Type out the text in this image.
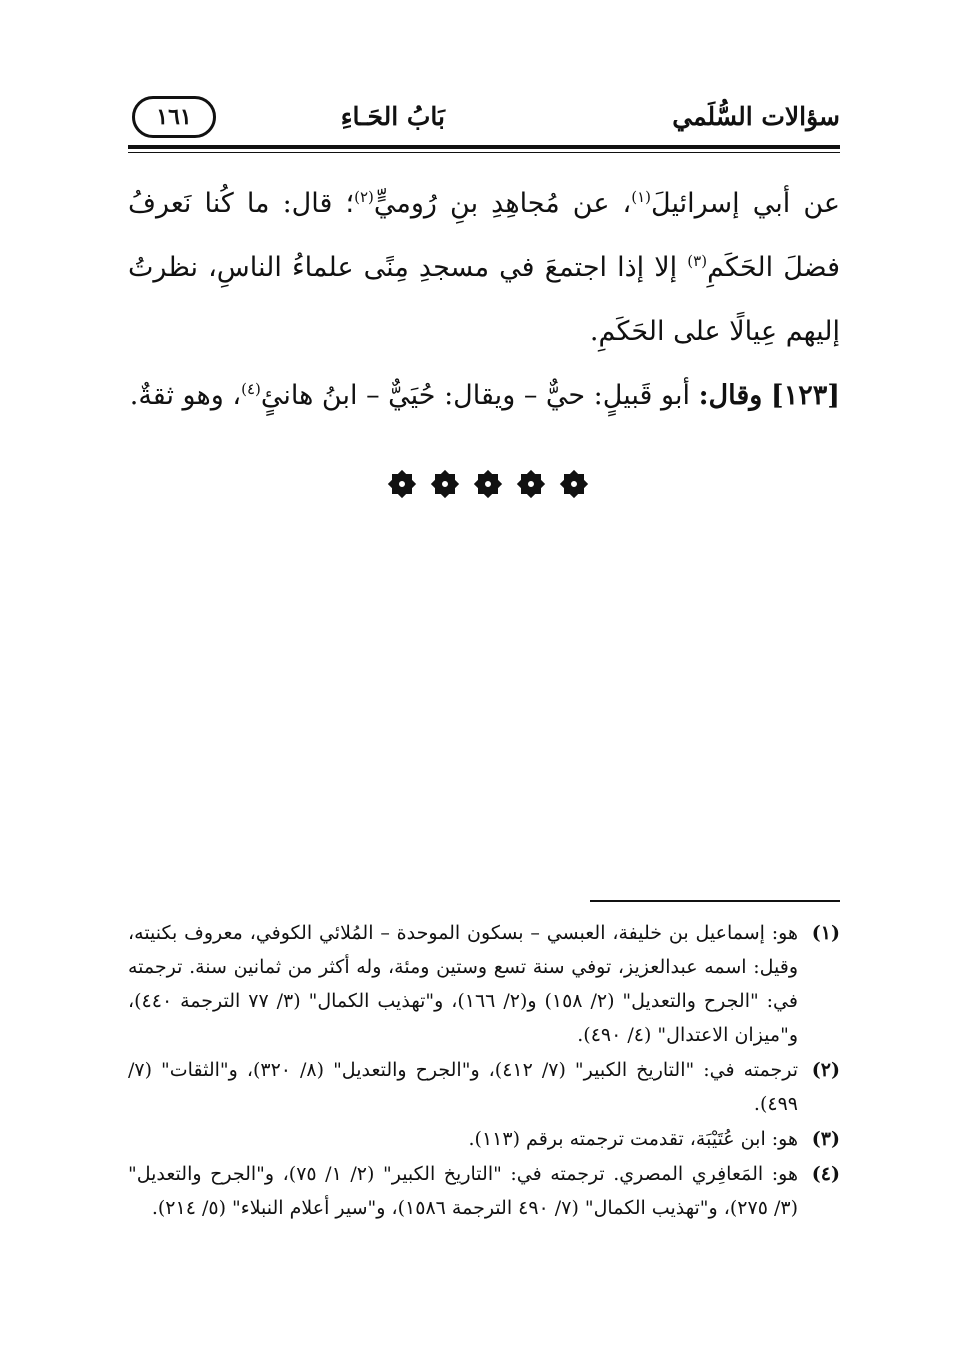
سؤالات السُّلَمي
بَابُ الحَـاءِ
١٦١

عن أبي إسرائيلَ$^{(١)}$، عن مُجاهِدِ بنِ رُوميٍّ$^{(٢)}$؛ قال: ما كُنا نَعرفُ فضلَ الحَكَمِ$^{(٣)}$ إلا إذا اجتمعَ في مسجدِ مِنًى علماءُ الناسِ، نظرتُ إليهم عِيالًا على الحَكَمِ.

[١٢٣] وقال: أبو قَبيلٍ: حيٌّ – ويقال: حُيَيٌّ – ابنُ هانئٍ$^{(٤)}$، وهو ثقةٌ.

(١)
هو: إسماعيل بن خليفة، العبسي – بسكون الموحدة – المُلائي الكوفي، معروف بكنيته، وقيل: اسمه عبدالعزيز، توفي سنة تسع وستين ومئة، وله أكثر من ثمانين سنة. ترجمته في: "الجرح والتعديل" (٢/ ١٥٨) و(٢/ ١٦٦)، و"تهذيب الكمال" (٣/ ٧٧ الترجمة ٤٤٠)، و"ميزان الاعتدال" (٤/ ٤٩٠).
(٢)
ترجمته في: "التاريخ الكبير" (٧/ ٤١٢)، و"الجرح والتعديل" (٨/ ٣٢٠)، و"الثقات" (٧/ ٤٩٩).
(٣)
هو: ابن عُتَيْبَة، تقدمت ترجمته برقم (١١٣).
(٤)
هو: المَعافِري المصري. ترجمته في: "التاريخ الكبير" (٢/ ١/ ٧٥)، و"الجرح والتعديل" (٣/ ٢٧٥)، و"تهذيب الكمال" (٧/ ٤٩٠ الترجمة ١٥٨٦)، و"سير أعلام النبلاء" (٥/ ٢١٤).
